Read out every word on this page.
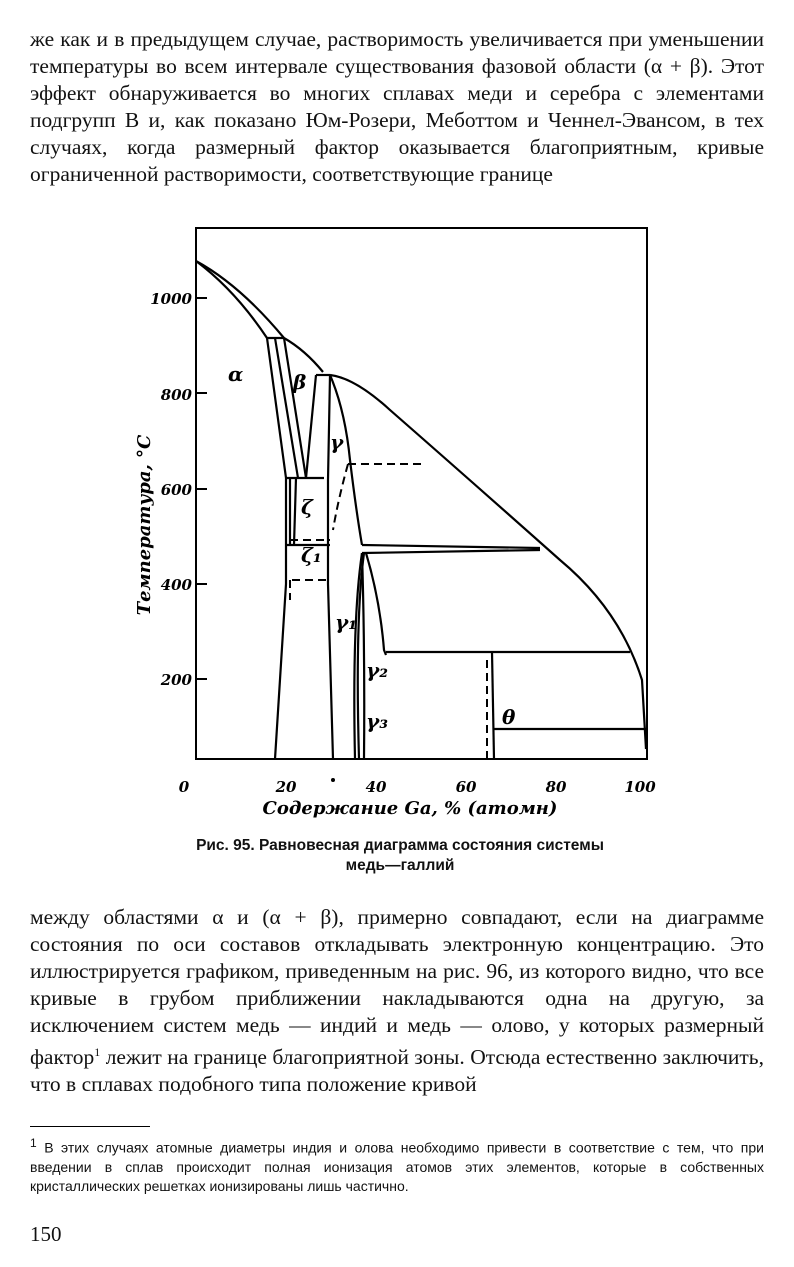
же как и в предыдущем случае, растворимость увеличивается при уменьшении температуры во всем интервале существования фазовой области (α + β). Этот эффект обнаруживается во многих сплавах меди и серебра с элементами подгрупп B и, как показано Юм-Розери, Меботтом и Ченнел-Эвансом, в тех случаях, когда размерный фактор оказывается благоприятным, кривые ограниченной растворимости, соответствующие границе

1000
800
600
400
200
Температура, °C
0	20	40	60	80	100
Содержание Ga, % (атомн)
α β
γ
ζ
ζ₁
γ₁
γ₂
γ₃	θ

Рис. 95. Равновесная диаграмма состояния системы
медь—галлий

между областями α и (α + β), примерно совпадают, если на диаграмме состояния по оси составов откладывать электронную концентрацию. Это иллюстрируется графиком, приведенным на рис. 96, из которого видно, что все кривые в грубом приближении накладываются одна на другую, за исключением систем медь — индий и медь — олово, у которых размерный фактор$^1$ лежит на границе благоприятной зоны. Отсюда естественно заключить, что в сплавах подобного типа положение кривой

1 В этих случаях атомные диаметры индия и олова необходимо привести в соответствие с тем, что при введении в сплав происходит полная ионизация атомов этих элементов, которые в собственных кристаллических решетках ионизированы лишь частично.

150
